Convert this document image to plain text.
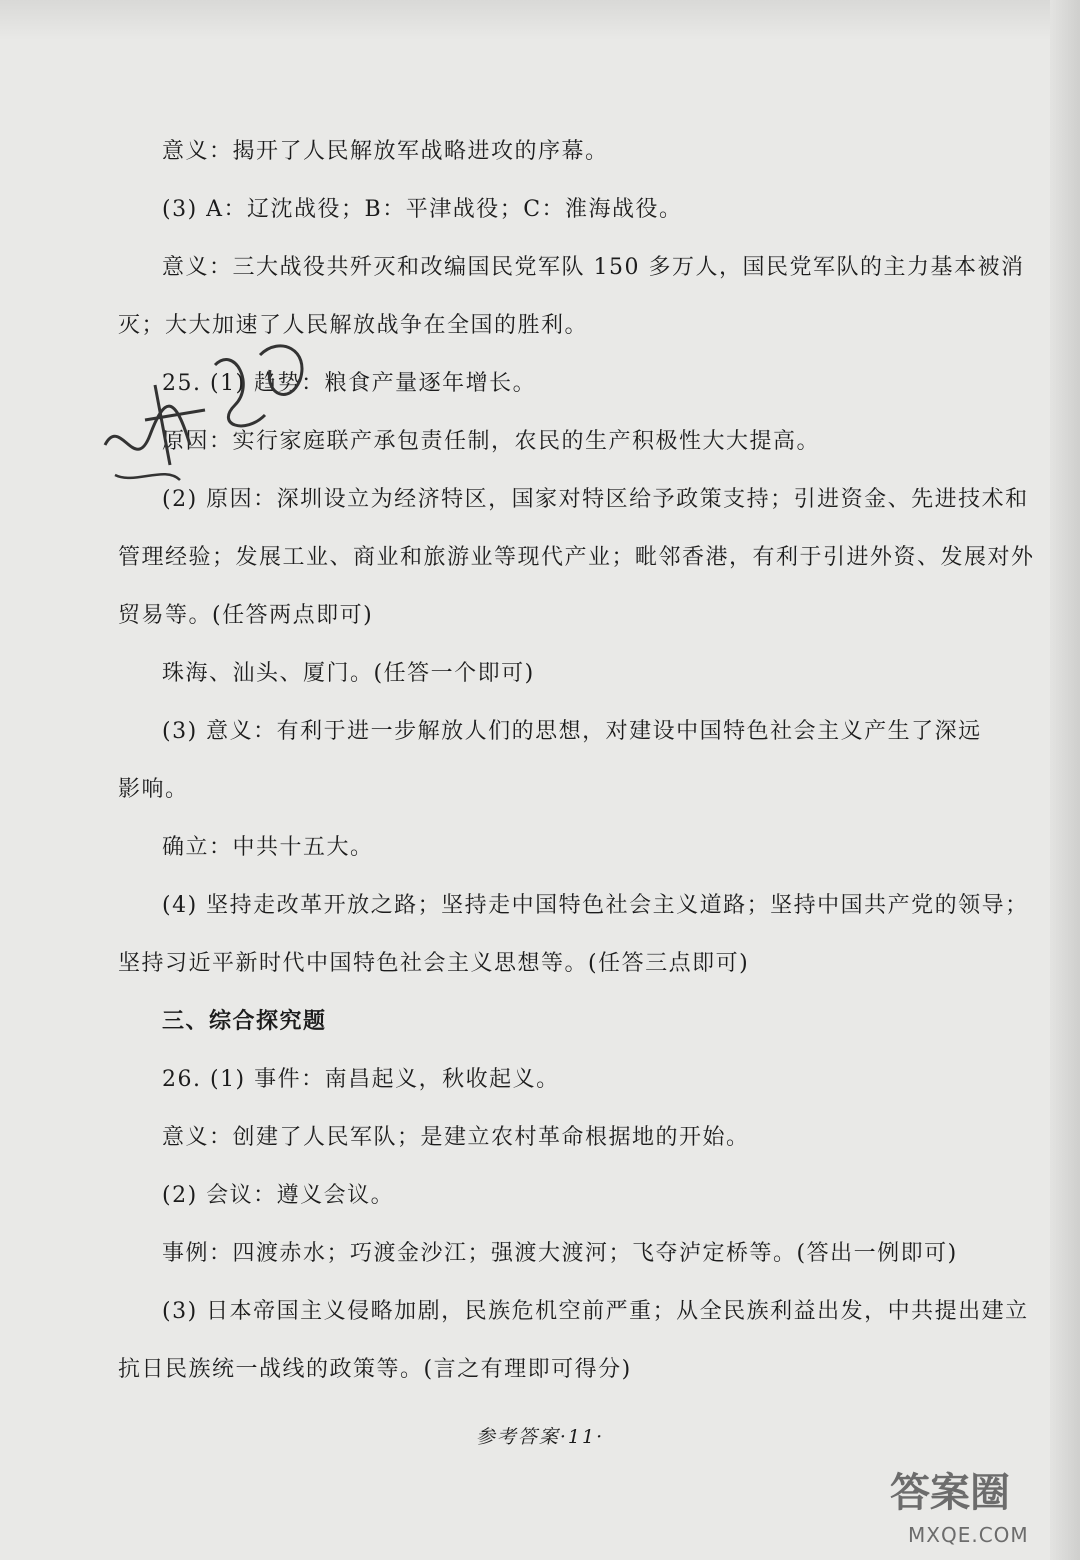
意义：揭开了人民解放军战略进攻的序幕。
(3) A：辽沈战役；B：平津战役；C：淮海战役。
意义：三大战役共歼灭和改编国民党军队 150 多万人，国民党军队的主力基本被消
灭；大大加速了人民解放战争在全国的胜利。
25. (1) 趋势：粮食产量逐年增长。
原因：实行家庭联产承包责任制，农民的生产积极性大大提高。
(2) 原因：深圳设立为经济特区，国家对特区给予政策支持；引进资金、先进技术和
管理经验；发展工业、商业和旅游业等现代产业；毗邻香港，有利于引进外资、发展对外
贸易等。(任答两点即可)
珠海、汕头、厦门。(任答一个即可)
(3) 意义：有利于进一步解放人们的思想，对建设中国特色社会主义产生了深远
影响。
确立：中共十五大。
(4) 坚持走改革开放之路；坚持走中国特色社会主义道路；坚持中国共产党的领导；
坚持习近平新时代中国特色社会主义思想等。(任答三点即可)
三、综合探究题
26. (1) 事件：南昌起义，秋收起义。
意义：创建了人民军队；是建立农村革命根据地的开始。
(2) 会议：遵义会议。
事例：四渡赤水；巧渡金沙江；强渡大渡河；飞夺泸定桥等。(答出一例即可)
(3) 日本帝国主义侵略加剧，民族危机空前严重；从全民族利益出发，中共提出建立
抗日民族统一战线的政策等。(言之有理即可得分)
参考答案·11·
答案圈
MXQE.COM
